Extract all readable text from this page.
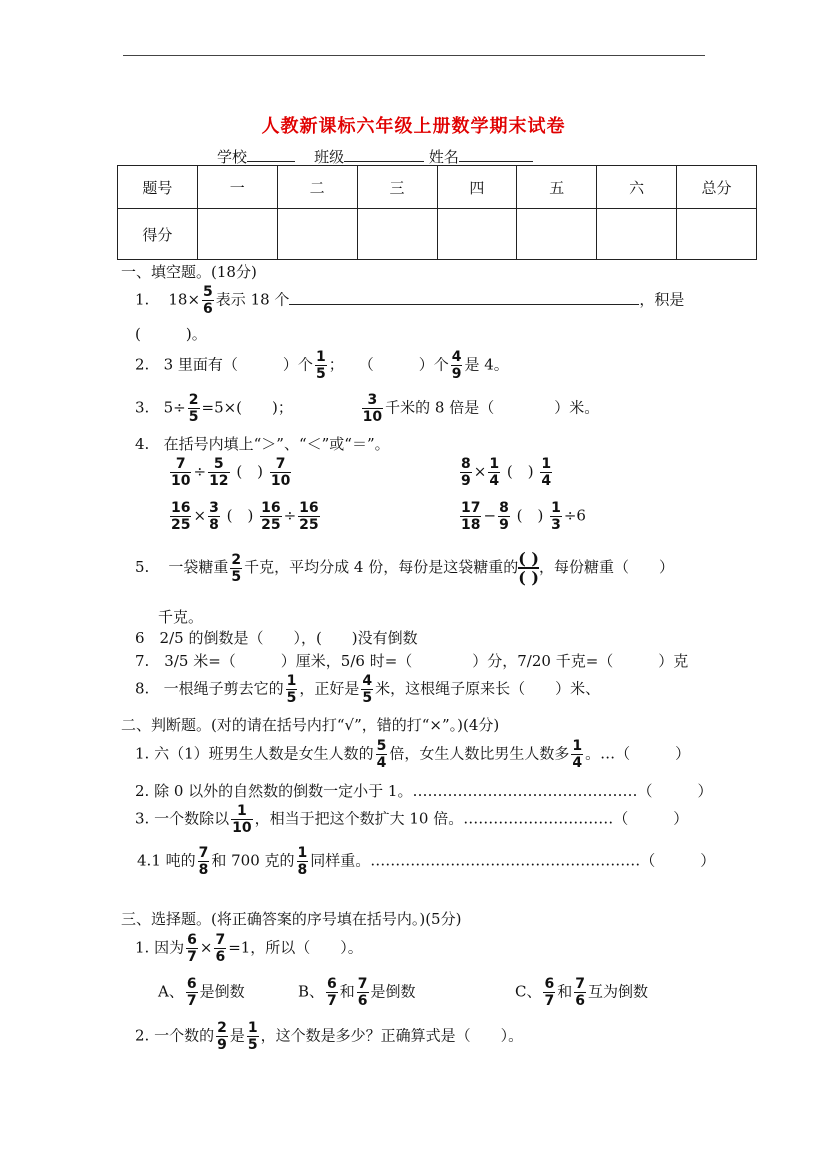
人教新课标六年级上册数学期末试卷
学校	班级	姓名
题号	一	二	三	四	五	六	总分
得分							
一、填空题。(18分)
1. $18\times \frac{5}{6}$ 表示 18 个	，积是
(　　　)。
2. 3 里面有（　　　）个 $\frac{1}{5}$ ；　　（　　　）个 $\frac{4}{9}$ 是 4。
3. $5\div \frac{2}{5} =5\times$(　　)；	$\frac{3}{10}$ 千米的 8 倍是（　　　　）米。
4. 在括号内填上“＞”、“＜”或“＝”。
$\frac{7}{10} \div \frac{5}{12}$ (　) $\frac{7}{10}$	$\frac{8}{9} \times \frac{1}{4}$ (　) $\frac{1}{4}$
$\frac{16}{25} \times \frac{3}{8}$ (　) $\frac{16}{25} \div \frac{16}{25}$	$\frac{17}{18} - \frac{8}{9}$ (　) $\frac{1}{3} \div 6$
5. 一袋糖重 $\frac{2}{5}$ 千克，平均分成 4 份，每份是这袋糖重的$\frac{( )}{( )}$ ，每份糖重（　　）
千克。
6　2/5 的倒数是（　　），(　　)没有倒数
7.　3/5 米=（　　　）厘米，5/6 时=（　　　　）分，7/20 千克=（　　　）克
8. 一根绳子剪去它的 $\frac{1}{5}$ ，正好是 $\frac{4}{5}$ 米，这根绳子原来长（　　）米、
二、判断题。(对的请在括号内打“√”，错的打“×”。)(4分)
1. 六（1）班男生人数是女生人数的 $\frac{5}{4}$ 倍，女生人数比男生人数多 $\frac{1}{4}$ 。…（　　　）
2. 除 0 以外的自然数的倒数一定小于 1。………………………………………（　　　）
3. 一个数除以 $\frac{1}{10}$ ，相当于把这个数扩大 10 倍。…………………………（　　　）
4.1 吨的 $\frac{7}{8}$ 和 700 克的 $\frac{1}{8}$ 同样重。………………………………………………（　　　）
三、选择题。(将正确答案的序号填在括号内。)(5分)
1. 因为 $\frac{6}{7} \times \frac{7}{6} =1$，所以（　　）。
A、 $\frac{6}{7}$ 是倒数	B、 $\frac{6}{7}$ 和 $\frac{7}{6}$ 是倒数	C、 $\frac{6}{7}$ 和 $\frac{7}{6}$ 互为倒数
2. 一个数的 $\frac{2}{9}$ 是 $\frac{1}{5}$ ，这个数是多少？正确算式是（　　）。
